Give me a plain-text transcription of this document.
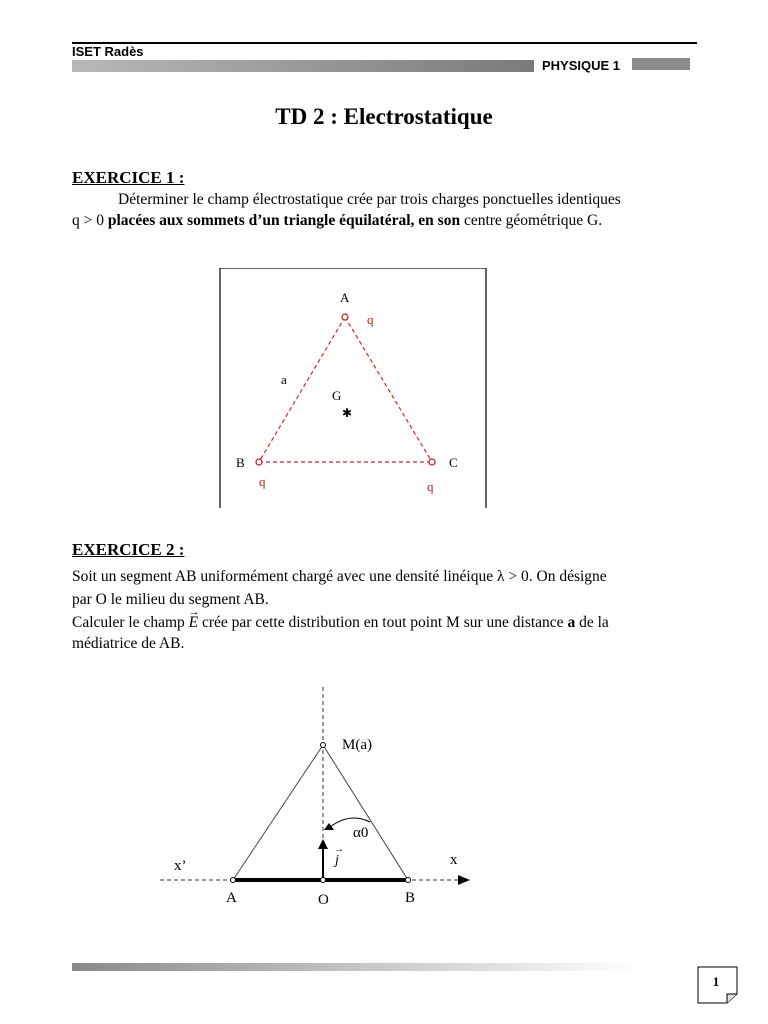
ISET Radès
PHYSIQUE 1
TD 2 : Electrostatique
EXERCICE 1 :
Déterminer le champ électrostatique crée par trois charges ponctuelles identiques
q > 0 placées aux sommets d’un triangle équilatéral, en son centre géométrique G.
A
B	C
G
✱
a
q
q	q
EXERCICE 2 :
Soit un segment AB uniformément chargé avec une densité linéique λ > 0. On désigne
par O le milieu du segment AB.
Calculer le champ
→
E crée par cette distribution en tout point M sur une distance a de la
médiatrice de AB.
M(a)
A	O	B
x
x’	j
→
α0
1
